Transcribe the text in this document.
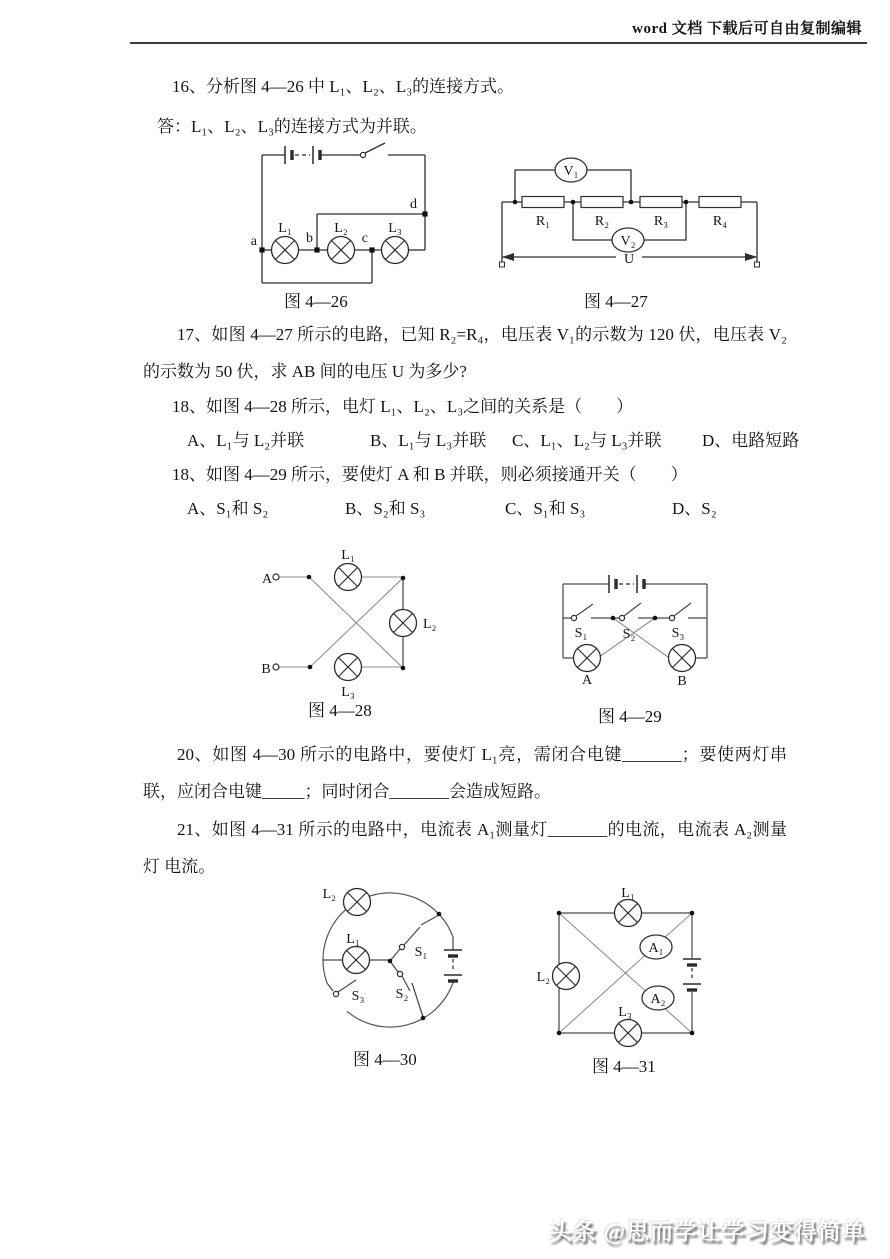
word 文档 下载后可自由复制编辑
16、分析图 4—26 中 L₁、L₂、L₃的连接方式。
答：L₁、L₂、L₃的连接方式为并联。
a	b	c
d
L₁	L₂	L₃
图 4—26
V₁
V₂
R₁	R₂	R₃	R₄
U
图 4—27
17、如图 4—27 所示的电路，已知 R₂=R₄，电压表 V₁的示数为 120 伏，电压表 V₂的示数为 50 伏，求 AB 间的电压 U 为多少?
18、如图 4—28 所示，电灯 L₁、L₂、L₃之间的关系是（　　）
A、L₁与 L₂并联	B、L₁与 L₃并联 C、L₁、L₂与 L₃并联 D、电路短路
18、如图 4—29 所示，要使灯 A 和 B 并联，则必须接通开关（　　）
A、S₁和 S₂	B、S₂和 S₃	C、S₁和 S₃	D、S₂
A
B
L₁
L₂
L₃
图 4—28
S₁	S₂	S₃
A	B
图 4—29
20、如图 4—30 所示的电路中，要使灯 L₁亮，需闭合电键_______；要使两灯串联，应闭合电键_____；同时闭合_______会造成短路。
21、如图 4—31 所示的电路中，电流表 A₁测量灯_______的电流，电流表 A₂测量灯 电流。
L₂
L₁
S₁
S₂
S₃
图 4—30
A₁
A₂
L₁
L₂
L₃
图 4—31
头条 @思而学让学习变得简单
